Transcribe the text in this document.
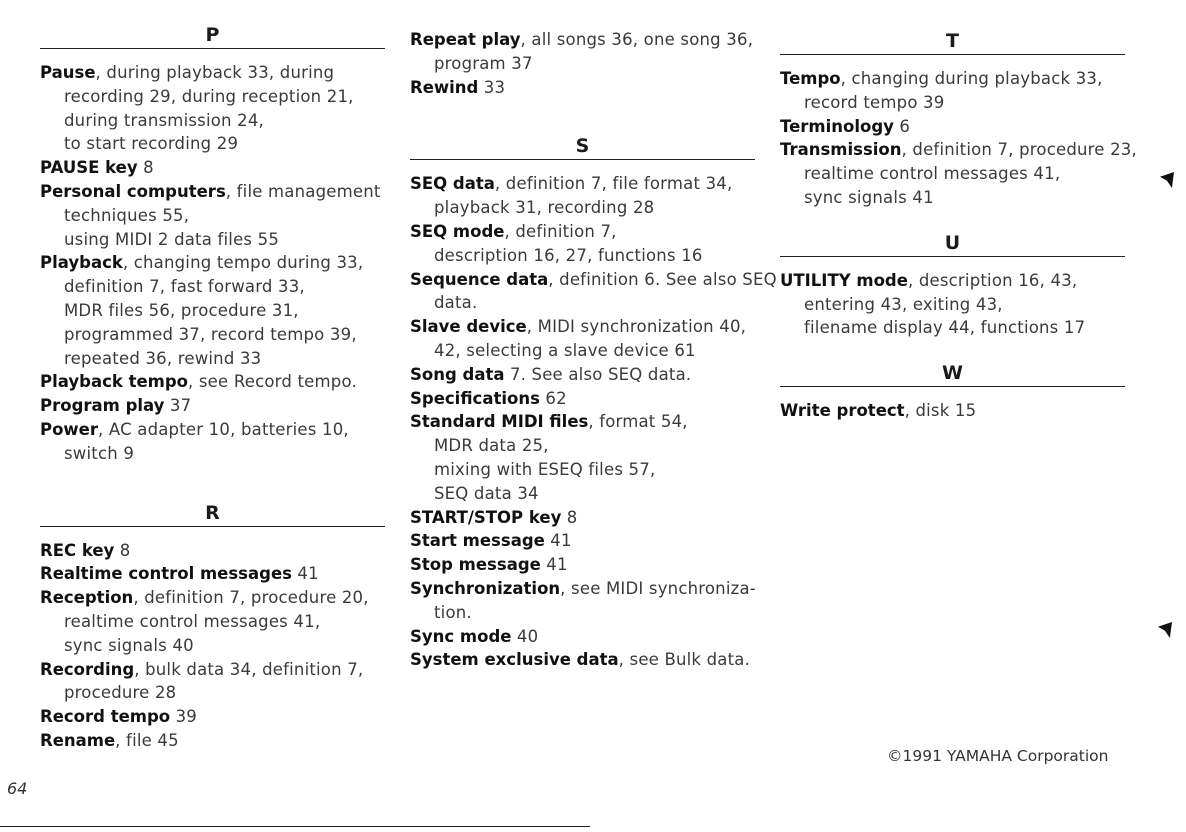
P
Pause, during playback 33, during
recording 29, during reception 21,
during transmission 24,
to start recording 29
PAUSE key 8
Personal computers, file management
techniques 55,
using MIDI 2 data files 55
Playback, changing tempo during 33,
definition 7, fast forward 33,
MDR files 56, procedure 31,
programmed 37, record tempo 39,
repeated 36, rewind 33
Playback tempo, see Record tempo.
Program play 37
Power, AC adapter 10, batteries 10,
switch 9
R
REC key 8
Realtime control messages 41
Reception, definition 7, procedure 20,
realtime control messages 41,
sync signals 40
Recording, bulk data 34, definition 7,
procedure 28
Record tempo 39
Rename, file 45
Repeat play, all songs 36, one song 36,
program 37
Rewind 33
S
SEQ data, definition 7, file format 34,
playback 31, recording 28
SEQ mode, definition 7,
description 16, 27, functions 16
Sequence data, definition 6. See also SEQ
data.
Slave device, MIDI synchronization 40,
42, selecting a slave device 61
Song data 7. See also SEQ data.
Specifications 62
Standard MIDI files, format 54,
MDR data 25,
mixing with ESEQ files 57,
SEQ data 34
START/STOP key 8
Start message 41
Stop message 41
Synchronization, see MIDI synchroniza-
tion.
Sync mode 40
System exclusive data, see Bulk data.
T
Tempo, changing during playback 33,
record tempo 39
Terminology 6
Transmission, definition 7, procedure 23,
realtime control messages 41,
sync signals 41
U
UTILITY mode, description 16, 43,
entering 43, exiting 43,
filename display 44, functions 17
W
Write protect, disk 15
©1991 YAMAHA Corporation
64
